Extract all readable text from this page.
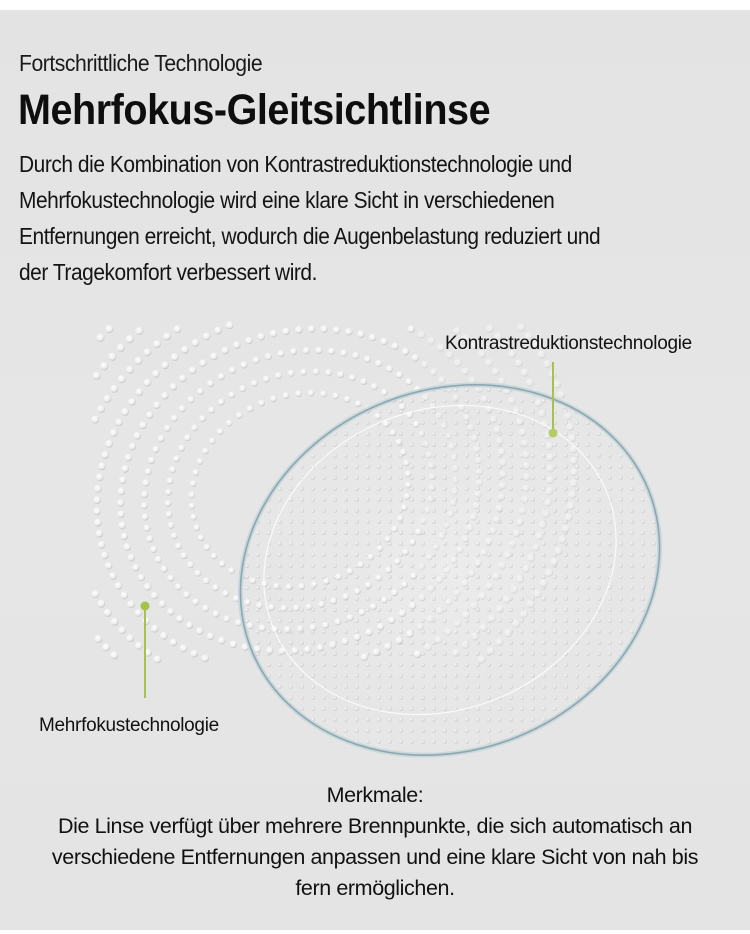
Fortschrittliche Technologie
Mehrfokus-Gleitsichtlinse
Durch die Kombination von Kontrastreduktionstechnologie und
Mehrfokustechnologie wird eine klare Sicht in verschiedenen
Entfernungen erreicht, wodurch die Augenbelastung reduziert und
der Tragekomfort verbessert wird.
Kontrastreduktionstechnologie
Mehrfokustechnologie
Merkmale:
Die Linse verfügt über mehrere Brennpunkte, die sich automatisch an
verschiedene Entfernungen anpassen und eine klare Sicht von nah bis
fern ermöglichen.
